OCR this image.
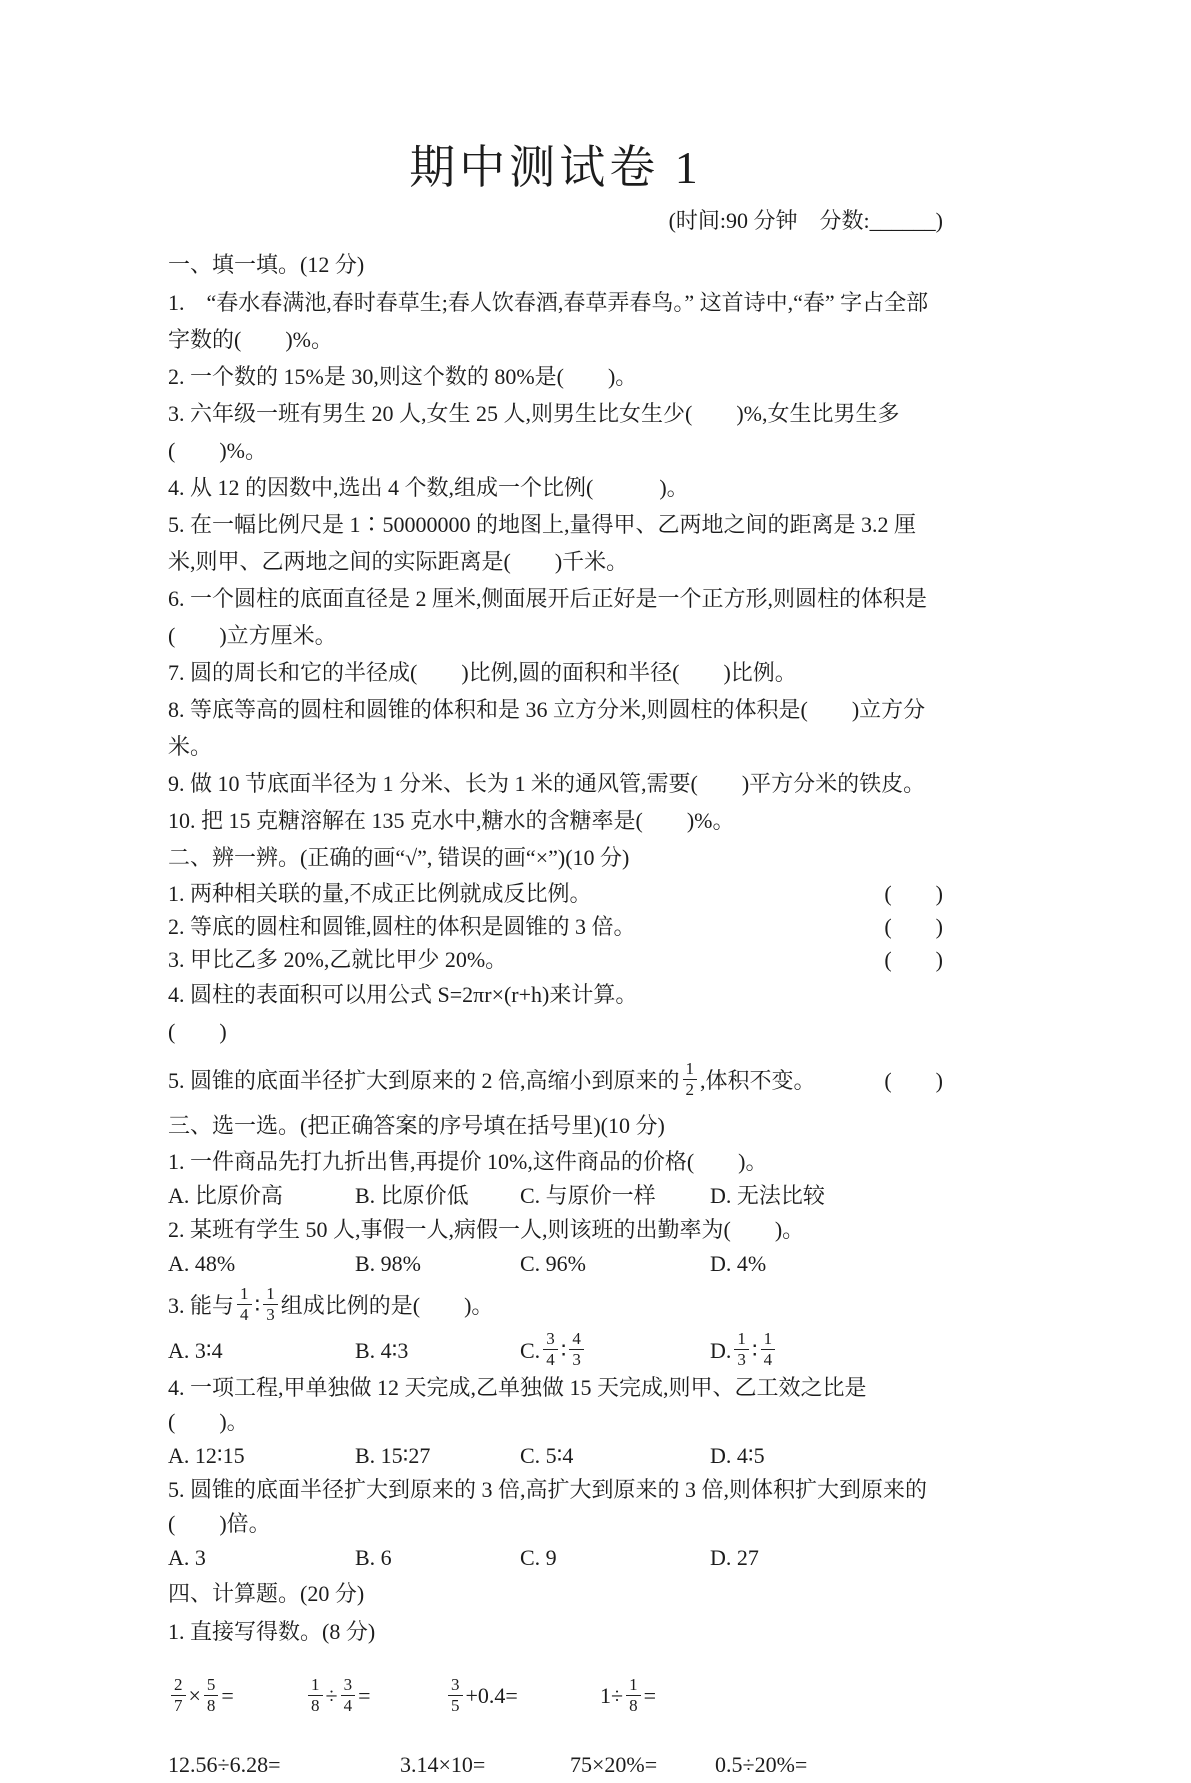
期中测试卷 1

(时间:90 分钟　分数:______)

一、填一填。(12 分)

1.　“春水春满池,春时春草生;春人饮春酒,春草弄春鸟。” 这首诗中,“春” 字占全部字数的(　　)%。

2. 一个数的 15%是 30,则这个数的 80%是(　　)。

3. 六年级一班有男生 20 人,女生 25 人,则男生比女生少(　　)%,女生比男生多(　　)%。

4. 从 12 的因数中,选出 4 个数,组成一个比例(　　　)。

5. 在一幅比例尺是 1∶50000000 的地图上,量得甲、乙两地之间的距离是 3.2 厘米,则甲、乙两地之间的实际距离是(　　)千米。

6. 一个圆柱的底面直径是 2 厘米,侧面展开后正好是一个正方形,则圆柱的体积是(　　)立方厘米。

7. 圆的周长和它的半径成(　　)比例,圆的面积和半径(　　)比例。

8. 等底等高的圆柱和圆锥的体积和是 36 立方分米,则圆柱的体积是(　　)立方分米。

9. 做 10 节底面半径为 1 分米、长为 1 米的通风管,需要(　　)平方分米的铁皮。

10. 把 15 克糖溶解在 135 克水中,糖水的含糖率是(　　)%。

二、辨一辨。(正确的画“√”, 错误的画“×”)(10 分)

1. 两种相关联的量,不成正比例就成反比例。	(　　)
2. 等底的圆柱和圆锥,圆柱的体积是圆锥的 3 倍。	(　　)
3. 甲比乙多 20%,乙就比甲少 20%。	(　　)

4. 圆柱的表面积可以用公式 S=2πr×(r+h)来计算。

(　　)

5. 圆锥的底面半径扩大到原来的 2 倍,高缩小到原来的 $\frac{1}{2}$ ,体积不变。	(　　)

三、选一选。(把正确答案的序号填在括号里)(10 分)

1. 一件商品先打九折出售,再提价 10%,这件商品的价格(　　)。

A. 比原价高	B. 比原价低	C. 与原价一样	D. 无法比较

2. 某班有学生 50 人,事假一人,病假一人,则该班的出勤率为(　　)。

A. 48%	B. 98%	C. 96%	D. 4%
3. 能与 $\frac{1}{4}$ ∶ $\frac{1}{3}$ 组成比例的是(　　)。
A. 3∶4	B. 4∶3	C. $\frac{3}{4}$ ∶ $\frac{4}{3}$	D. $\frac{1}{3}$ ∶ $\frac{1}{4}$

4. 一项工程,甲单独做 12 天完成,乙单独做 15 天完成,则甲、乙工效之比是(　　)。

A. 12∶15	B. 15∶27	C. 5∶4	D. 4∶5

5. 圆锥的底面半径扩大到原来的 3 倍,高扩大到原来的 3 倍,则体积扩大到原来的(　　)倍。

A. 3	B. 6	C. 9	D. 27

四、计算题。(20 分)

1. 直接写得数。(8 分)

$\frac{2}{7} \times \frac{5}{8}$ =	$\frac{1}{8} \div \frac{3}{4}$ =	$\frac{3}{5} + 0.4$ =	$1 \div \frac{1}{8}$ =
12.56÷6.28=	3.14×10=	75×20%=	0.5÷20%=
